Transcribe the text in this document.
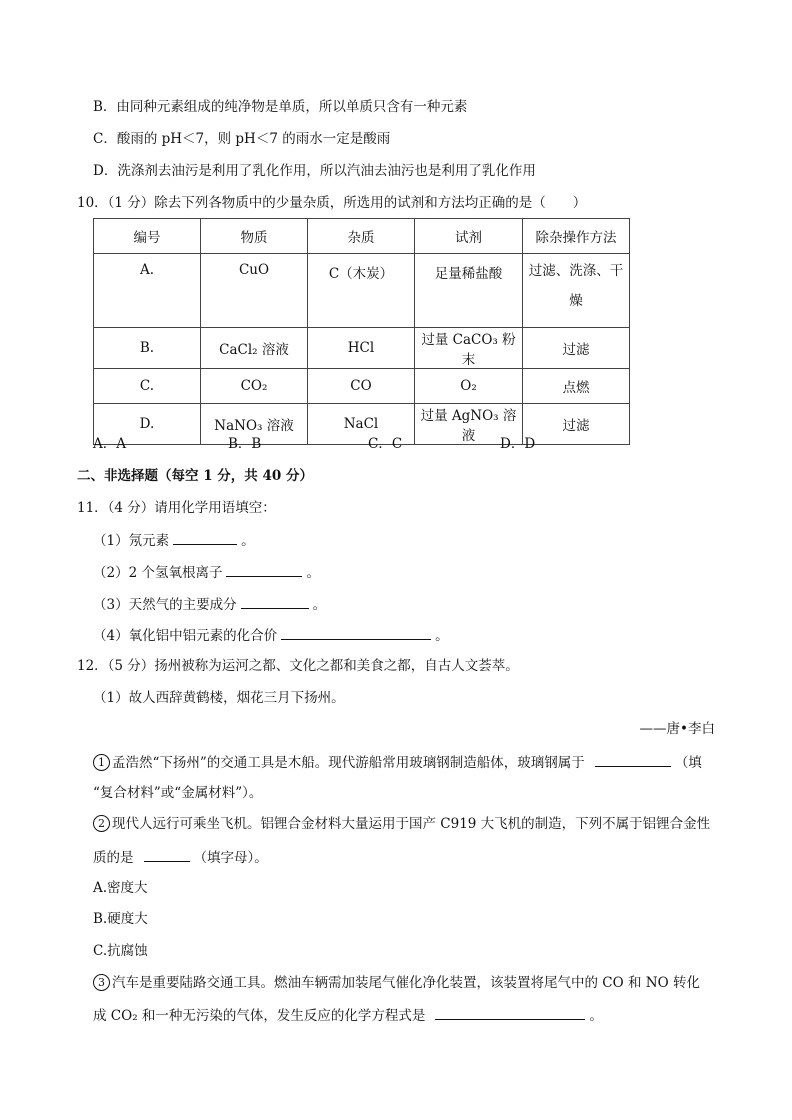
B．由同种元素组成的纯净物是单质，所以单质只含有一种元素
C．酸雨的 pH＜7，则 pH＜7 的雨水一定是酸雨
D．洗涤剂去油污是利用了乳化作用，所以汽油去油污也是利用了乳化作用
10．（1 分）除去下列各物质中的少量杂质，所选用的试剂和方法均正确的是（　　）
编号	物质	杂质	试剂	除杂操作方法
A.	CuO	C（木炭）	足量稀盐酸	过滤、洗涤、干
燥

B.	CaCl₂ 溶液	HCl	过量 CaCO₃ 粉末	过滤
C.	CO₂	CO	O₂	点燃
D.	NaNO₃ 溶液	NaCl	过量 AgNO₃ 溶液	过滤
A．A	B．B	C．C	D．D
二、非选择题（每空 1 分，共 40 分）
11．（4 分）请用化学用语填空：
（1）氖元素	。
（2）2 个氢氧根离子	。
（3）天然气的主要成分	。
（4）氧化铝中铝元素的化合价	。
12．（5 分）扬州被称为运河之都、文化之都和美食之都，自古人文荟萃。
（1）故人西辞黄鹤楼，烟花三月下扬州。
——唐•李白
1 孟浩然“下扬州”的交通工具是木船。现代游船常用玻璃钢制造船体，玻璃钢属于	（填
“复合材料”或“金属材料”）。
2 现代人远行可乘坐飞机。铝锂合金材料大量运用于国产 C919 大飞机的制造，下列不属于铝锂合金性
质的是	（填字母）。
A.密度大
B.硬度大
C.抗腐蚀
3 汽车是重要陆路交通工具。燃油车辆需加装尾气催化净化装置，该装置将尾气中的 CO 和 NO 转化
成 CO₂ 和一种无污染的气体，发生反应的化学方程式是	。
